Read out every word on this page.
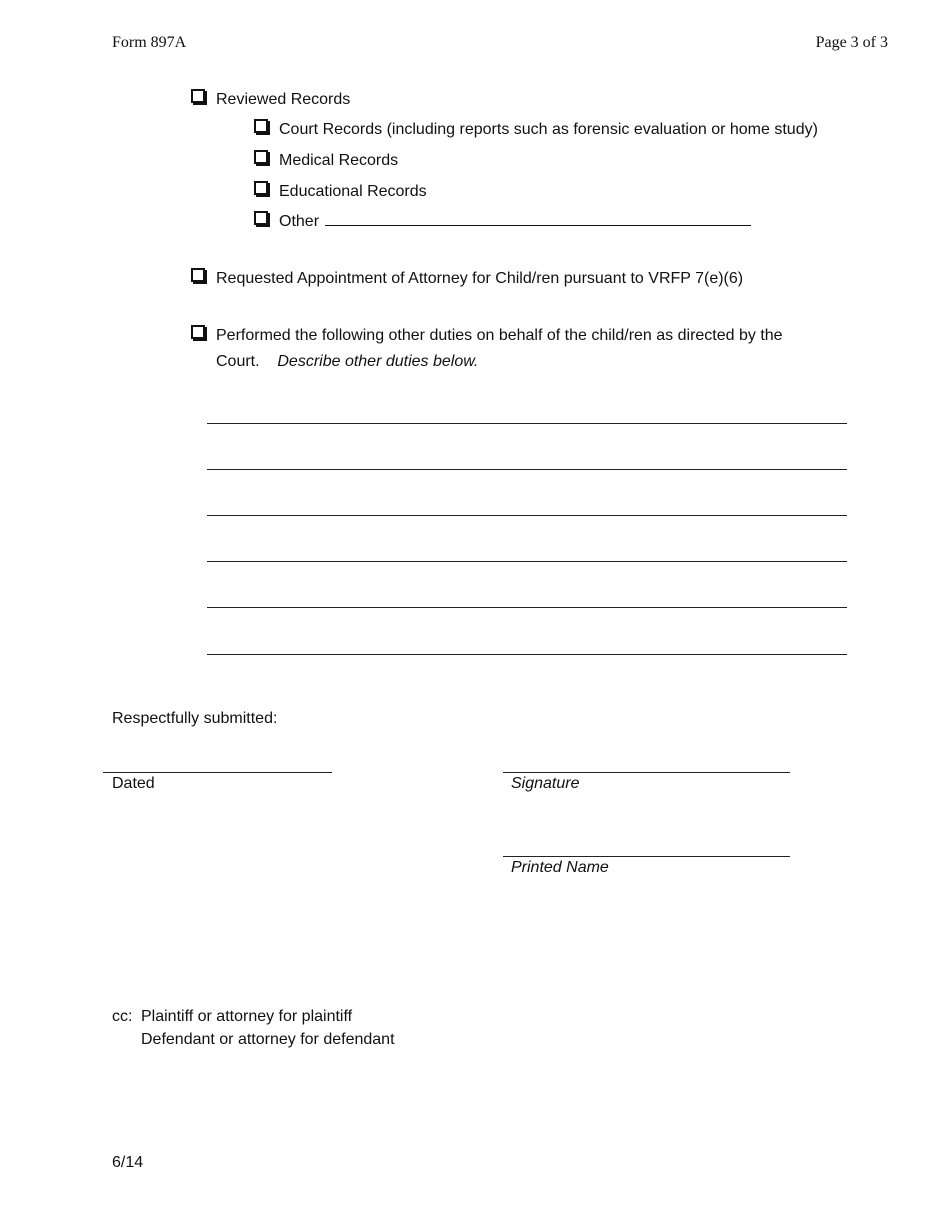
Form 897A	Page 3 of 3
Reviewed Records
Court Records (including reports such as forensic evaluation or home study)
Medical Records
Educational Records
Other
Requested Appointment of Attorney for Child/ren pursuant to VRFP 7(e)(6)
Performed the following other duties on behalf of the child/ren as directed by the Court. Describe other duties below.
Respectfully submitted:
Dated	Signature
Printed Name
cc: Plaintiff or attorney for plaintiff
Defendant or attorney for defendant
6/14
